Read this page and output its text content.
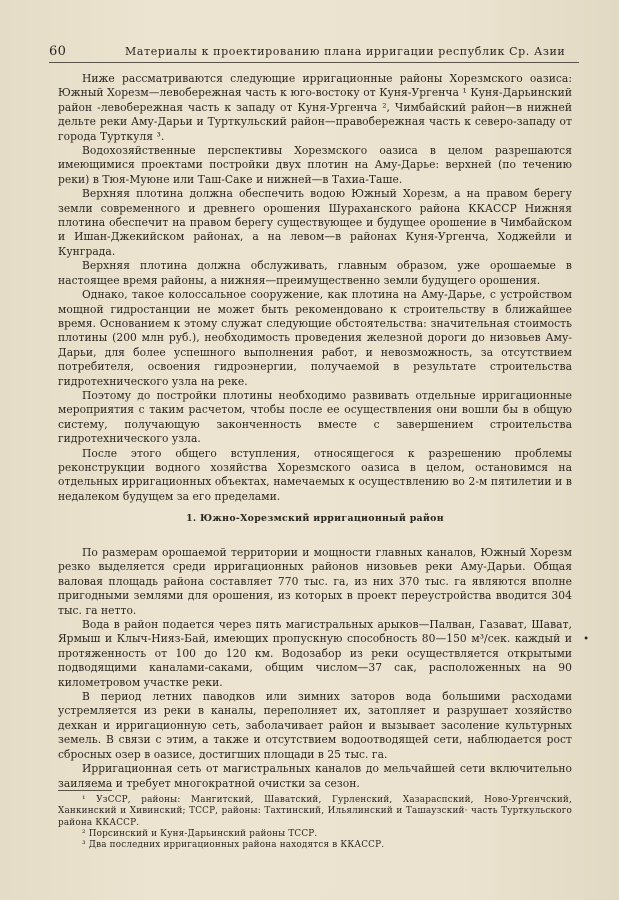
60	Материалы к проектированию плана ирригации республик Ср. Азии

Ниже рассматриваются следующие ирригационные районы Хорезмского оазиса: Южный Хорезм—левобережная часть к юго-востоку от Куня-Ургенча ¹ Куня-Дарьинский район -левобережная часть к западу от Куня-Ургенча ², Чимбайский район—в нижней дельте реки Аму-Дарьи и Турткульский район—правобережная часть к северо-западу от города Турткуля ³.

Водохозяйственные перспективы Хорезмского оазиса в целом разрешаются имеющимися проектами постройки двух плотин на Аму-Дарье: верхней (по течению реки) в Тюя-Муюне или Таш-Саке и нижней—в Тахиа-Таше.

Верхняя плотина должна обеспечить водою Южный Хорезм, а на правом берегу земли современного и древнего орошения Шураханского района ККАССР Нижняя плотина обеспечит на правом берегу существующее и будущее орошение в Чимбайском и Ишан-Джекийском районах, а на левом—в районах Куня-Ургенча, Ходжейли и Кунграда.

Верхняя плотина должна обслуживать, главным образом, уже орошаемые в настоящее время районы, а нижняя—преимущественно земли будущего орошения.

Однако, такое колоссальное сооружение, как плотина на Аму-Дарье, с устройством мощной гидростанции не может быть рекомендовано к строительству в ближайшее время. Основанием к этому служат следующие обстоятельства: значительная стоимость плотины (200 млн руб.), необходимость проведения железной дороги до низовьев Аму-Дарьи, для более успешного выполнения работ, и невозможность, за отсутствием потребителя, освоения гидроэнергии, получаемой в результате строительства гидротехнического узла на реке.

Поэтому до постройки плотины необходимо развивать отдельные ирригационные мероприятия с таким расчетом, чтобы после ее осуществления они вошли бы в общую систему, получающую законченность вместе с завершением строительства гидротехнического узла.

После этого общего вступления, относящегося к разрешению проблемы реконструкции водного хозяйства Хорезмского оазиса в целом, остановимся на отдельных ирригационных объектах, намечаемых к осуществлению во 2-м пятилетии и в недалеком будущем за его пределами.

1. Южно-Хорезмский ирригационный район

По размерам орошаемой территории и мощности главных каналов, Южный Хорезм резко выделяется среди ирригационных районов низовьев реки Аму-Дарьи. Общая валовая площадь района составляет 770 тыс. га, из них 370 тыс. га являются вполне пригодными землями для орошения, из которых в проект переустройства вводится 304 тыс. га нетто.

Вода в район подается через пять магистральных арыков—Палван, Газават, Шават, Ярмыш и Клыч-Нияз-Бай, имеющих пропускную способность 80—150 м³/сек. каждый и протяженность от 100 до 120 км. Водозабор из реки осуществляется открытыми подводящими каналами-саками, общим числом—37 сак, расположенных на 90 километровом участке реки.

В период летних паводков или зимних заторов вода большими расходами устремляется из реки в каналы, переполняет их, затопляет и разрушает хозяйство дехкан и ирригационную сеть, заболачивает район и вызывает засоление культурных земель. В связи с этим, а также и отсутствием водоотводящей сети, наблюдается рост сбросных озер в оазисе, достигших площади в 25 тыс. га.

Ирригационная сеть от магистральных каналов до мельчайшей сети включительно заиляема и требует многократной очистки за сезон.

•

¹ УзССР, районы: Мангитский, Шаватский, Гурленский, Хазараспский, Ново-Ургенчский, Ханкинский и Хивинский; ТССР, районы: Тахтинский, Ильялинский и Ташаузский· часть Турткульского района ККАССР.

² Порсинский и Куня-Дарьинский районы ТССР.

³ Два последних ирригационных района находятся в ККАССР.
